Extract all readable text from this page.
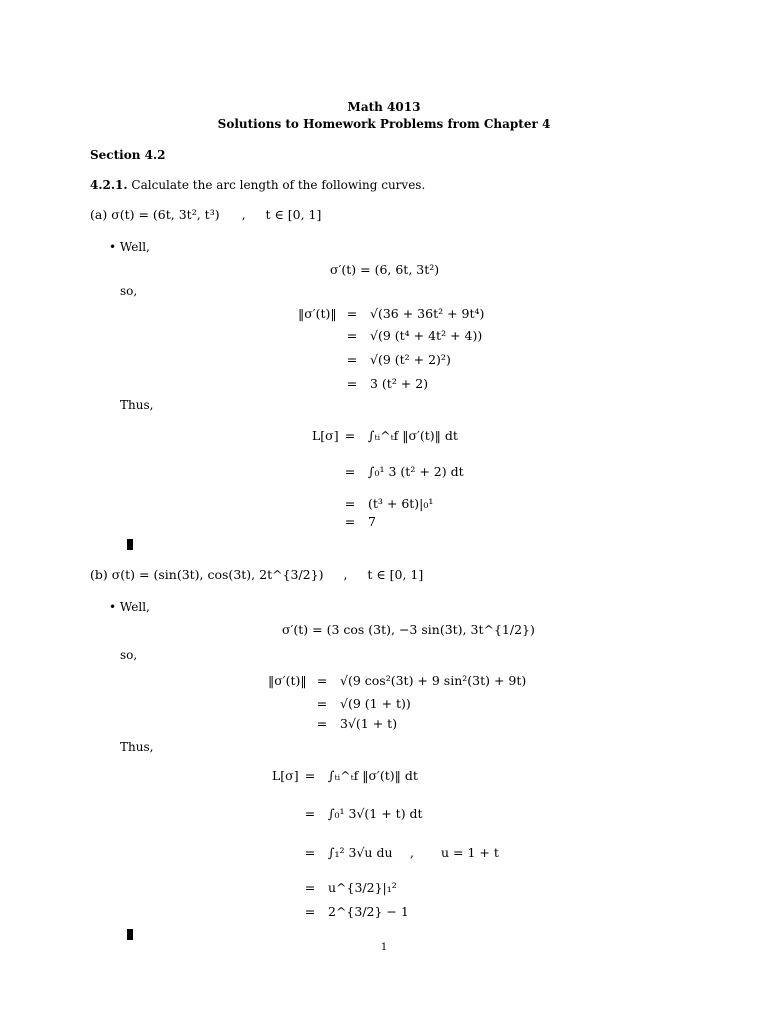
Math 4013
Solutions to Homework Problems from Chapter 4
Section 4.2
4.2.1. Calculate the arc length of the following curves.
(a) σ(t) = (6t, 3t², t³) , t ∈ [0, 1]
• Well,
σ′(t) = (6, 6t, 3t²)
so,
‖σ′(t)‖ = √(36 + 36t² + 9t⁴)
= √(9 (t⁴ + 4t² + 4))
= √(9 (t² + 2)²)
= 3 (t² + 2)
Thus,
L[σ] = ∫ₜᵢ^ₜf ‖σ′(t)‖ dt
= ∫₀¹ 3 (t² + 2) dt
= (t³ + 6t)|₀¹
= 7
(b) σ(t) = (sin(3t), cos(3t), 2t^{3/2}) , t ∈ [0, 1]
• Well,
σ′(t) = (3 cos (3t), −3 sin(3t), 3t^{1/2})
so,
‖σ′(t)‖ = √(9 cos²(3t) + 9 sin²(3t) + 9t)
= √(9 (1 + t))
= 3√(1 + t)
Thus,
L[σ] = ∫ₜᵢ^ₜf ‖σ′(t)‖ dt
= ∫₀¹ 3√(1 + t) dt
= ∫₁² 3√u du , u = 1 + t
= u^{3/2}|₁²
= 2^{3/2} − 1
1
